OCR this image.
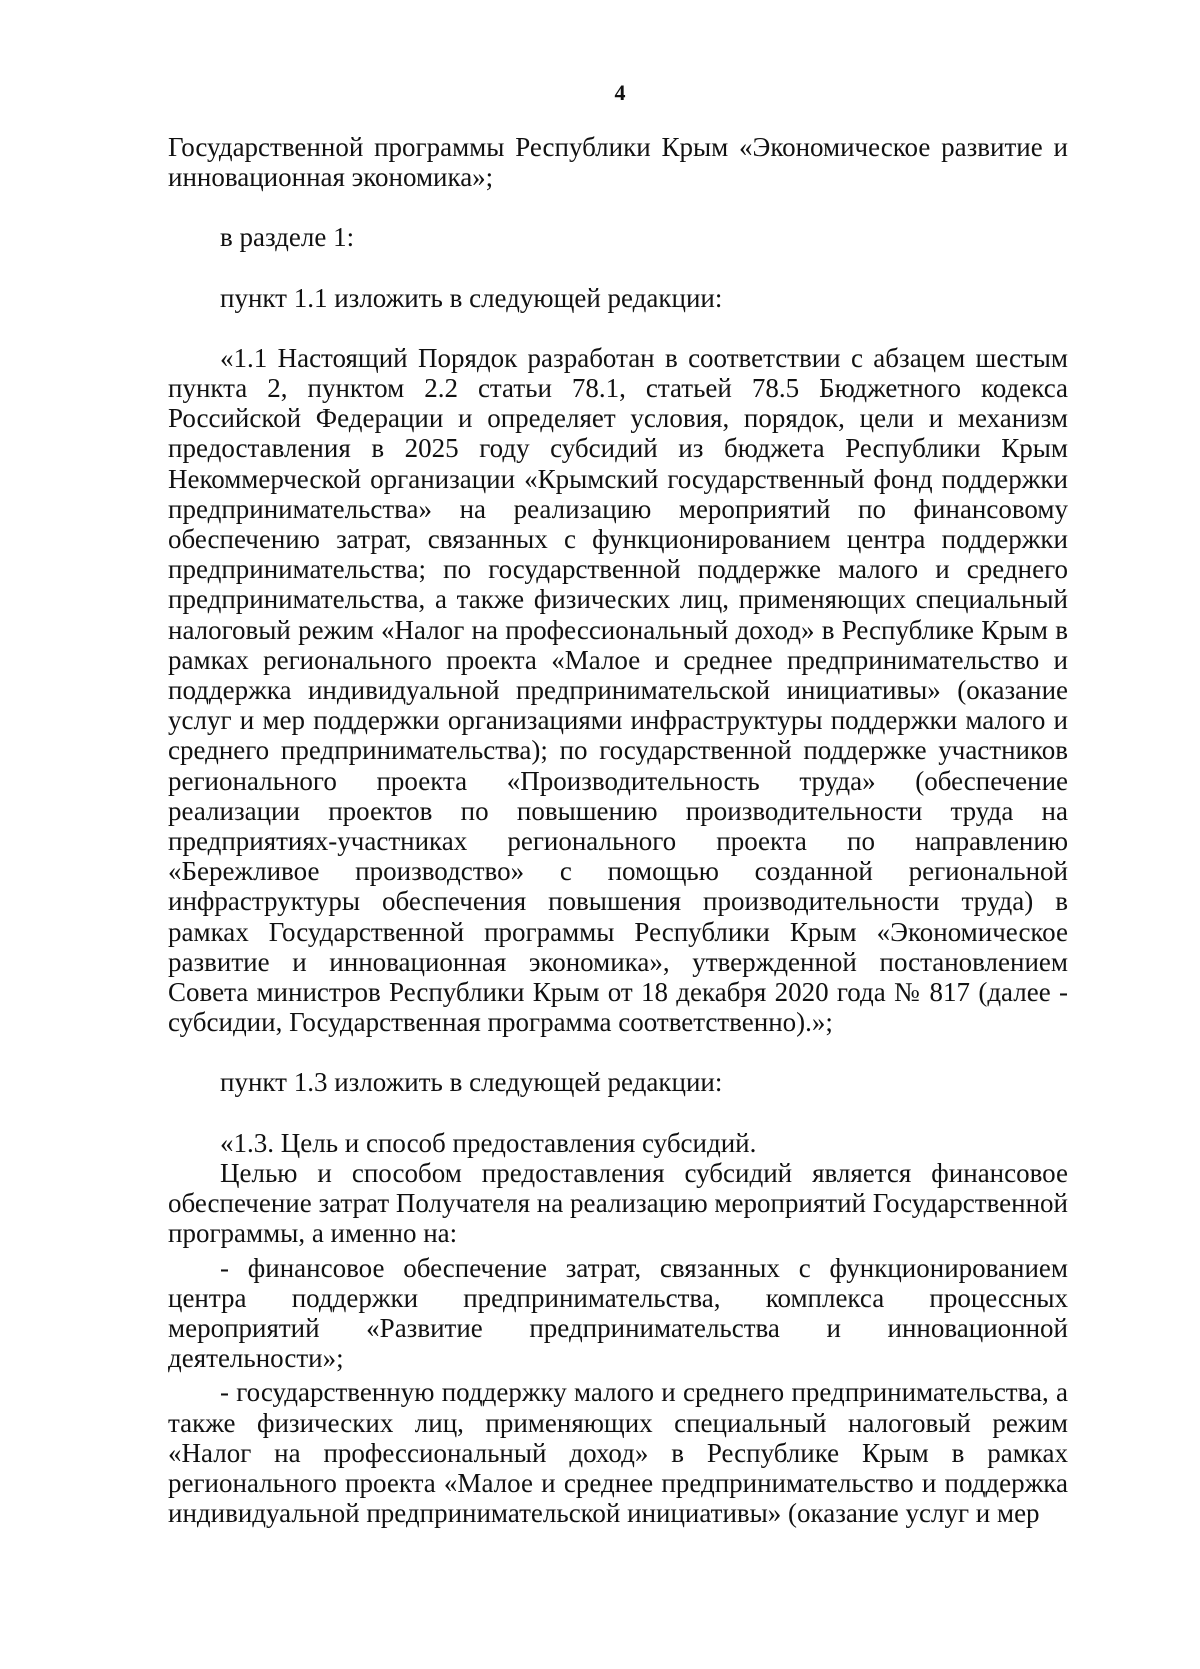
4

Государственной программы Республики Крым «Экономическое развитие и инновационная экономика»;

в разделе 1:

пункт 1.1 изложить в следующей редакции:

«1.1 Настоящий Порядок разработан в соответствии с абзацем шестым пункта 2, пунктом 2.2 статьи 78.1, статьей 78.5 Бюджетного кодекса Российской Федерации и определяет условия, порядок, цели и механизм предоставления в 2025 году субсидий из бюджета Республики Крым Некоммерческой организации «Крымский государственный фонд поддержки предпринимательства» на реализацию мероприятий по финансовому обеспечению затрат, связанных с функционированием центра поддержки предпринимательства; по государственной поддержке малого и среднего предпринимательства, а также физических лиц, применяющих специальный налоговый режим «Налог на профессиональный доход» в Республике Крым в рамках регионального проекта «Малое и среднее предпринимательство и поддержка индивидуальной предпринимательской инициативы» (оказание услуг и мер поддержки организациями инфраструктуры поддержки малого и среднего предпринимательства); по государственной поддержке участников регионального проекта «Производительность труда» (обеспечение реализации проектов по повышению производительности труда на предприятиях-участниках регионального проекта по направлению «Бережливое производство» с помощью созданной региональной инфраструктуры обеспечения повышения производительности труда) в рамках Государственной программы Республики Крым «Экономическое развитие и инновационная экономика», утвержденной постановлением Совета министров Республики Крым от 18 декабря 2020 года № 817 (далее - субсидии, Государственная программа соответственно).»;

пункт 1.3 изложить в следующей редакции:

«1.3. Цель и способ предоставления субсидий.

Целью и способом предоставления субсидий является финансовое обеспечение затрат Получателя на реализацию мероприятий Государственной программы, а именно на:

- финансовое обеспечение затрат, связанных с функционированием центра поддержки предпринимательства, комплекса процессных мероприятий «Развитие предпринимательства и инновационной деятельности»;

- государственную поддержку малого и среднего предпринимательства, а также физических лиц, применяющих специальный налоговый режим «Налог на профессиональный доход» в Республике Крым в рамках регионального проекта «Малое и среднее предпринимательство и поддержка индивидуальной предпринимательской инициативы» (оказание услуг и мер
